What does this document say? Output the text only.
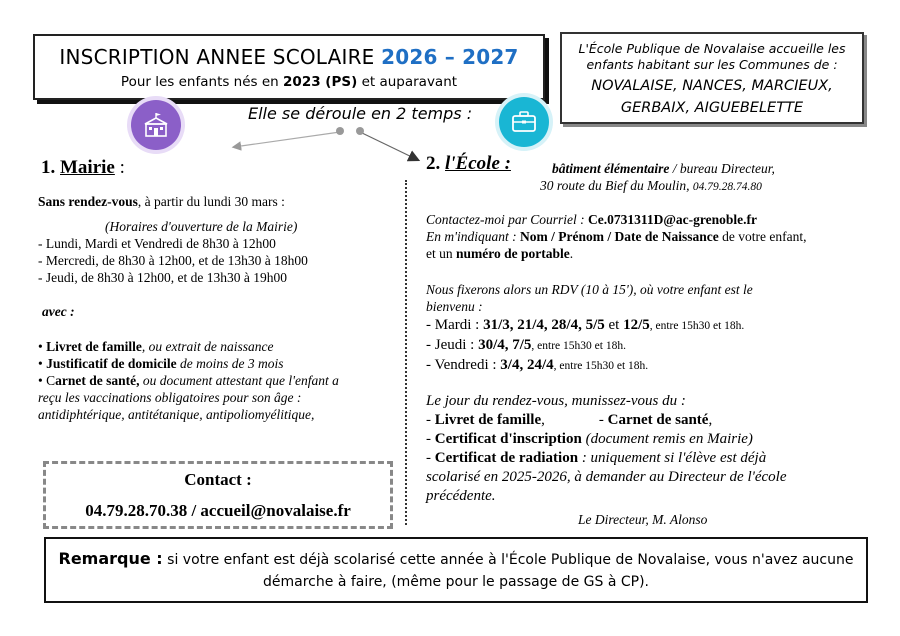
INSCRIPTION ANNEE SCOLAIRE 2026 – 2027
Pour les enfants nés en 2023 (PS) et auparavant
L'École Publique de Novalaise accueille les enfants habitant sur les Communes de :
NOVALAISE, NANCES, MARCIEUX,
GERBAIX, AIGUEBELETTE
Elle se déroule en 2 temps :
1. Mairie :
Sans rendez-vous, à partir du lundi 30 mars :
(Horaires d'ouverture de la Mairie)
- Lundi, Mardi et Vendredi de 8h30 à 12h00
- Mercredi, de 8h30 à 12h00, et de 13h30 à 18h00
- Jeudi, de 8h30 à 12h00, et de 13h30 à 19h00
avec :
• Livret de famille, ou extrait de naissance
• Justificatif de domicile de moins de 3 mois
• Carnet de santé, ou document attestant que l'enfant a
reçu les vaccinations obligatoires pour son âge :
antidiphtérique, antitétanique, antipoliomyélitique,
2. l'École :	bâtiment élémentaire / bureau Directeur,
30 route du Bief du Moulin, 04.79.28.74.80
Contactez-moi par Courriel : Ce.0731311D@ac-grenoble.fr
En m'indiquant : Nom / Prénom / Date de Naissance de votre enfant,
et un numéro de portable.
Nous fixerons alors un RDV (10 à 15'), où votre enfant est le
bienvenu :
- Mardi : 31/3, 21/4, 28/4, 5/5 et 12/5, entre 15h30 et 18h.
- Jeudi : 30/4, 7/5, entre 15h30 et 18h.
- Vendredi : 3/4, 24/4, entre 15h30 et 18h.
Le jour du rendez-vous, munissez-vous du :
- Livret de famille,	- Carnet de santé,
- Certificat d'inscription (document remis en Mairie)
- Certificat de radiation : uniquement si l'élève est déjà
scolarisé en 2025-2026, à demander au Directeur de l'école
précédente.
Le Directeur, M. Alonso
Contact :
04.79.28.70.38 / accueil@novalaise.fr
Remarque : si votre enfant est déjà scolarisé cette année à l'École Publique de Novalaise, vous n'avez aucune
démarche à faire, (même pour le passage de GS à CP).
